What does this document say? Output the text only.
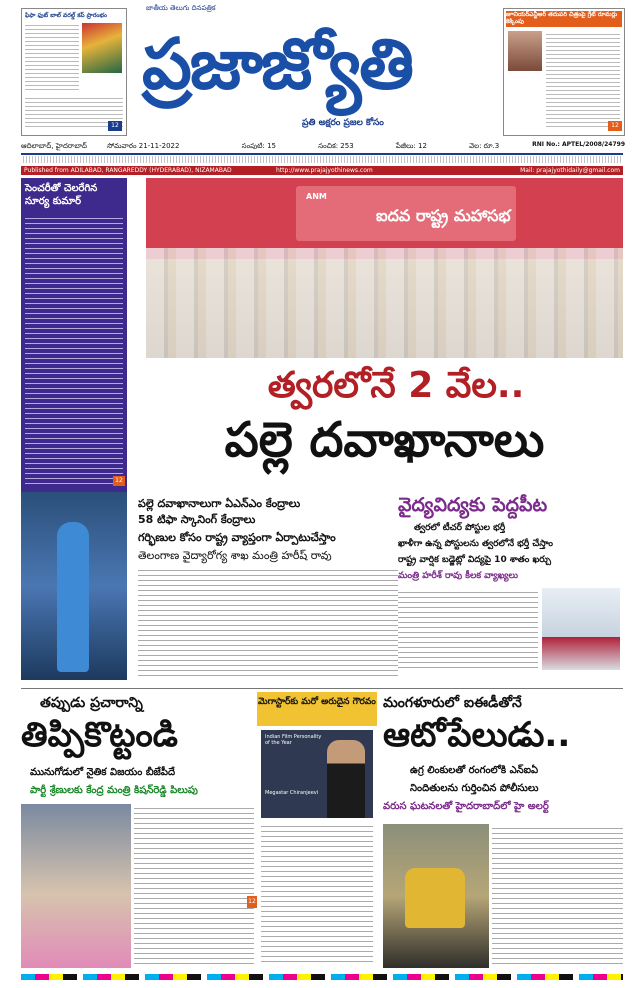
ఫిఫా ఫుట్ బాల్ వరల్డ్ కప్ ప్రారంభం
12
జాతీయ తెలుగు దినపత్రిక
ప్రజాజ్యోతి
ప్రతి అక్షరం ప్రజల కోసం
జూనియర్ఎన్టీఆర్ తదుపరి చిత్రంపై గ్రేట్ రూమర్లు కెక్కింపు
12
ఆదిలాబాద్, హైదరాబాద్	సోమవారం 21-11-2022	సంపుటి: 15	సంచిక: 253	పేజీలు: 12	వెల: రూ.3	RNI No.: APTEL/2008/24799
Published from ADILABAD, RANGAREDDY (HYDERABAD), NIZAMABAD	http://www.prajajyothinews.com	Mail: prajajyothidaily@gmail.com
సెంచరీతో చెలరేగిన సూర్య కుమార్
12
ANM
ఐదవ రాష్ట్ర మహాసభ
త్వరలోనే 2 వేల..
పల్లె దవాఖానాలు
పల్లె దవాఖానాలుగా ఏఎన్ఎం కేంద్రాలు
58 టిఫా స్కానింగ్ కేంద్రాలు
గర్భిణుల కోసం రాష్ట్ర వ్యాప్తంగా ఏర్పాటుచేస్తాం
తెలంగాణ వైద్యారోగ్య శాఖ మంత్రి హరీష్ రావు
వైద్యవిద్యకు పెద్దపీట
త్వరలో టీచర్ పోస్టుల భర్తీ
ఖాళీగా ఉన్న పోస్టులను త్వరలోనే భర్తీ చేస్తాం
రాష్ట్ర వార్షిక బడ్జెట్లో విద్యపై 10 శాతం ఖర్చు
మంత్రి హరీశ్ రావు కీలక వ్యాఖ్యలు
తప్పుడు ప్రచారాన్ని
తిప్పికొట్టండి
మునుగోడులో నైతిక విజయం బీజేపీదే
పార్టీ శ్రేణులకు కేంద్ర మంత్రి కిషన్‌రెడ్డి పిలుపు
మెగాస్టార్‌కు మరో అరుదైన గౌరవం
Indian Film Personality of the Year
Megastar Chiranjeevi
12
మంగళూరులో ఐఈడీతోనే
ఆటోపేలుడు..
ఉగ్ర లింకులతో రంగంలోకి ఎన్ఐఏ
నిందితులను గుర్తించిన పోలీసులు
వరుస ఘటనలతో హైదరాబాద్‌లో హై అలర్ట్
